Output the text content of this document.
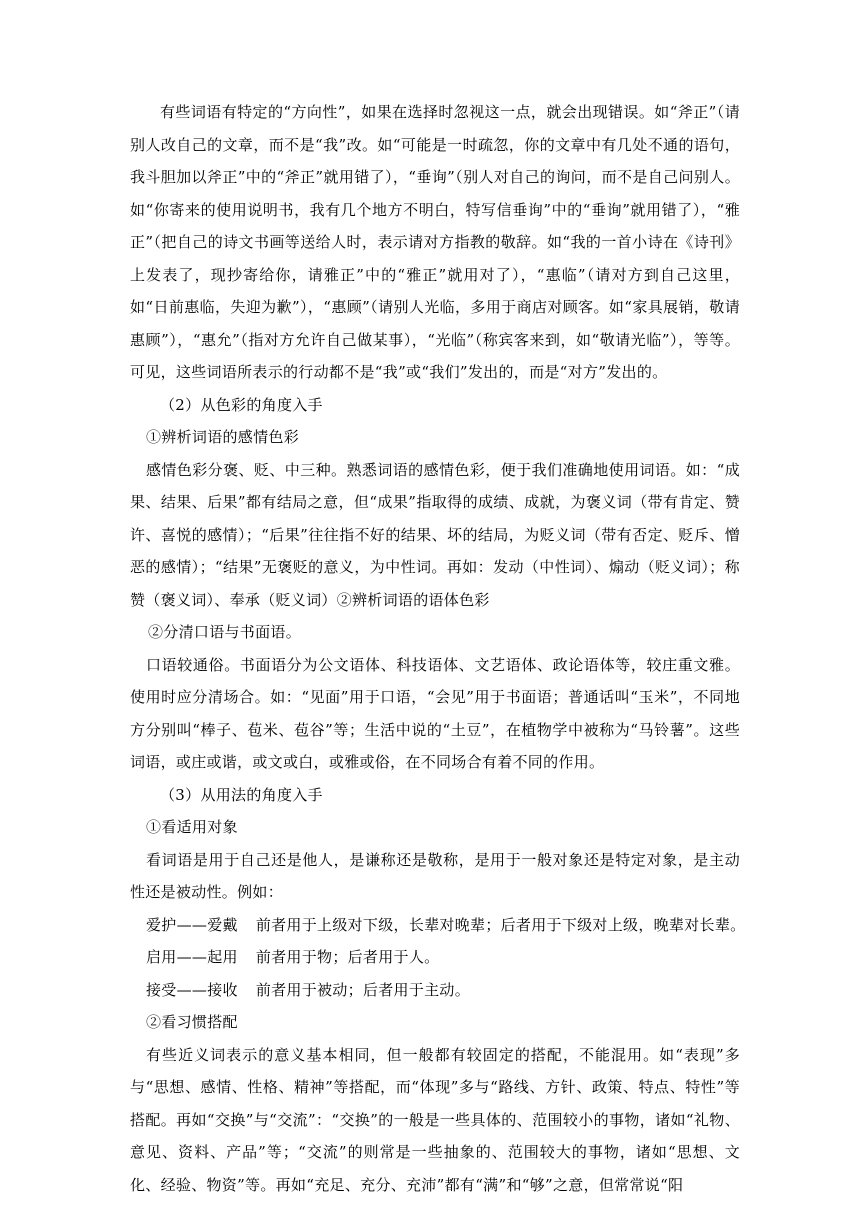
有些词语有特定的“方向性”，如果在选择时忽视这一点，就会出现错误。如“斧正”（请别人改自己的文章，而不是“我”改。如“可能是一时疏忽，你的文章中有几处不通的语句，我斗胆加以斧正”中的“斧正”就用错了），“垂询”（别人对自己的询问，而不是自己问别人。如“你寄来的使用说明书，我有几个地方不明白，特写信垂询”中的“垂询”就用错了），“雅正”（把自己的诗文书画等送给人时，表示请对方指教的敬辞。如“我的一首小诗在《诗刊》上发表了，现抄寄给你，请雅正”中的“雅正”就用对了），“惠临”（请对方到自己这里，如“日前惠临，失迎为歉”），“惠顾”（请别人光临，多用于商店对顾客。如“家具展销，敬请惠顾”），“惠允”（指对方允许自己做某事），“光临”（称宾客来到，如“敬请光临”），等等。可见，这些词语所表示的行动都不是“我”或“我们”发出的，而是“对方”发出的。

（2）从色彩的角度入手

①辨析词语的感情色彩

感情色彩分褒、贬、中三种。熟悉词语的感情色彩，便于我们准确地使用词语。如：“成果、结果、后果”都有结局之意，但“成果”指取得的成绩、成就，为褒义词（带有肯定、赞许、喜悦的感情）；“后果”往往指不好的结果、坏的结局，为贬义词（带有否定、贬斥、憎恶的感情）；“结果”无褒贬的意义，为中性词。再如：发动（中性词）、煽动（贬义词）；称赞（褒义词）、奉承（贬义词）②辨析词语的语体色彩

②分清口语与书面语。

口语较通俗。书面语分为公文语体、科技语体、文艺语体、政论语体等，较庄重文雅。使用时应分清场合。如：“见面”用于口语，“会见”用于书面语；普通话叫“玉米”，不同地方分别叫“棒子、苞米、苞谷”等；生活中说的“土豆”，在植物学中被称为“马铃薯”。这些词语，或庄或谐，或文或白，或雅或俗，在不同场合有着不同的作用。

（3）从用法的角度入手

①看适用对象

看词语是用于自己还是他人，是谦称还是敬称，是用于一般对象还是特定对象，是主动性还是被动性。例如：

爱护——爱戴 前者用于上级对下级，长辈对晚辈；后者用于下级对上级，晚辈对长辈。

启用——起用 前者用于物；后者用于人。

接受——接收 前者用于被动；后者用于主动。

②看习惯搭配

有些近义词表示的意义基本相同，但一般都有较固定的搭配，不能混用。如“表现”多与“思想、感情、性格、精神”等搭配，而“体现”多与“路线、方针、政策、特点、特性”等搭配。再如“交换”与“交流”：“交换”的一般是一些具体的、范围较小的事物，诸如“礼物、意见、资料、产品”等；“交流”的则常是一些抽象的、范围较大的事物，诸如“思想、文化、经验、物资”等。再如“充足、充分、充沛”都有“满”和“够”之意，但常常说“阳
